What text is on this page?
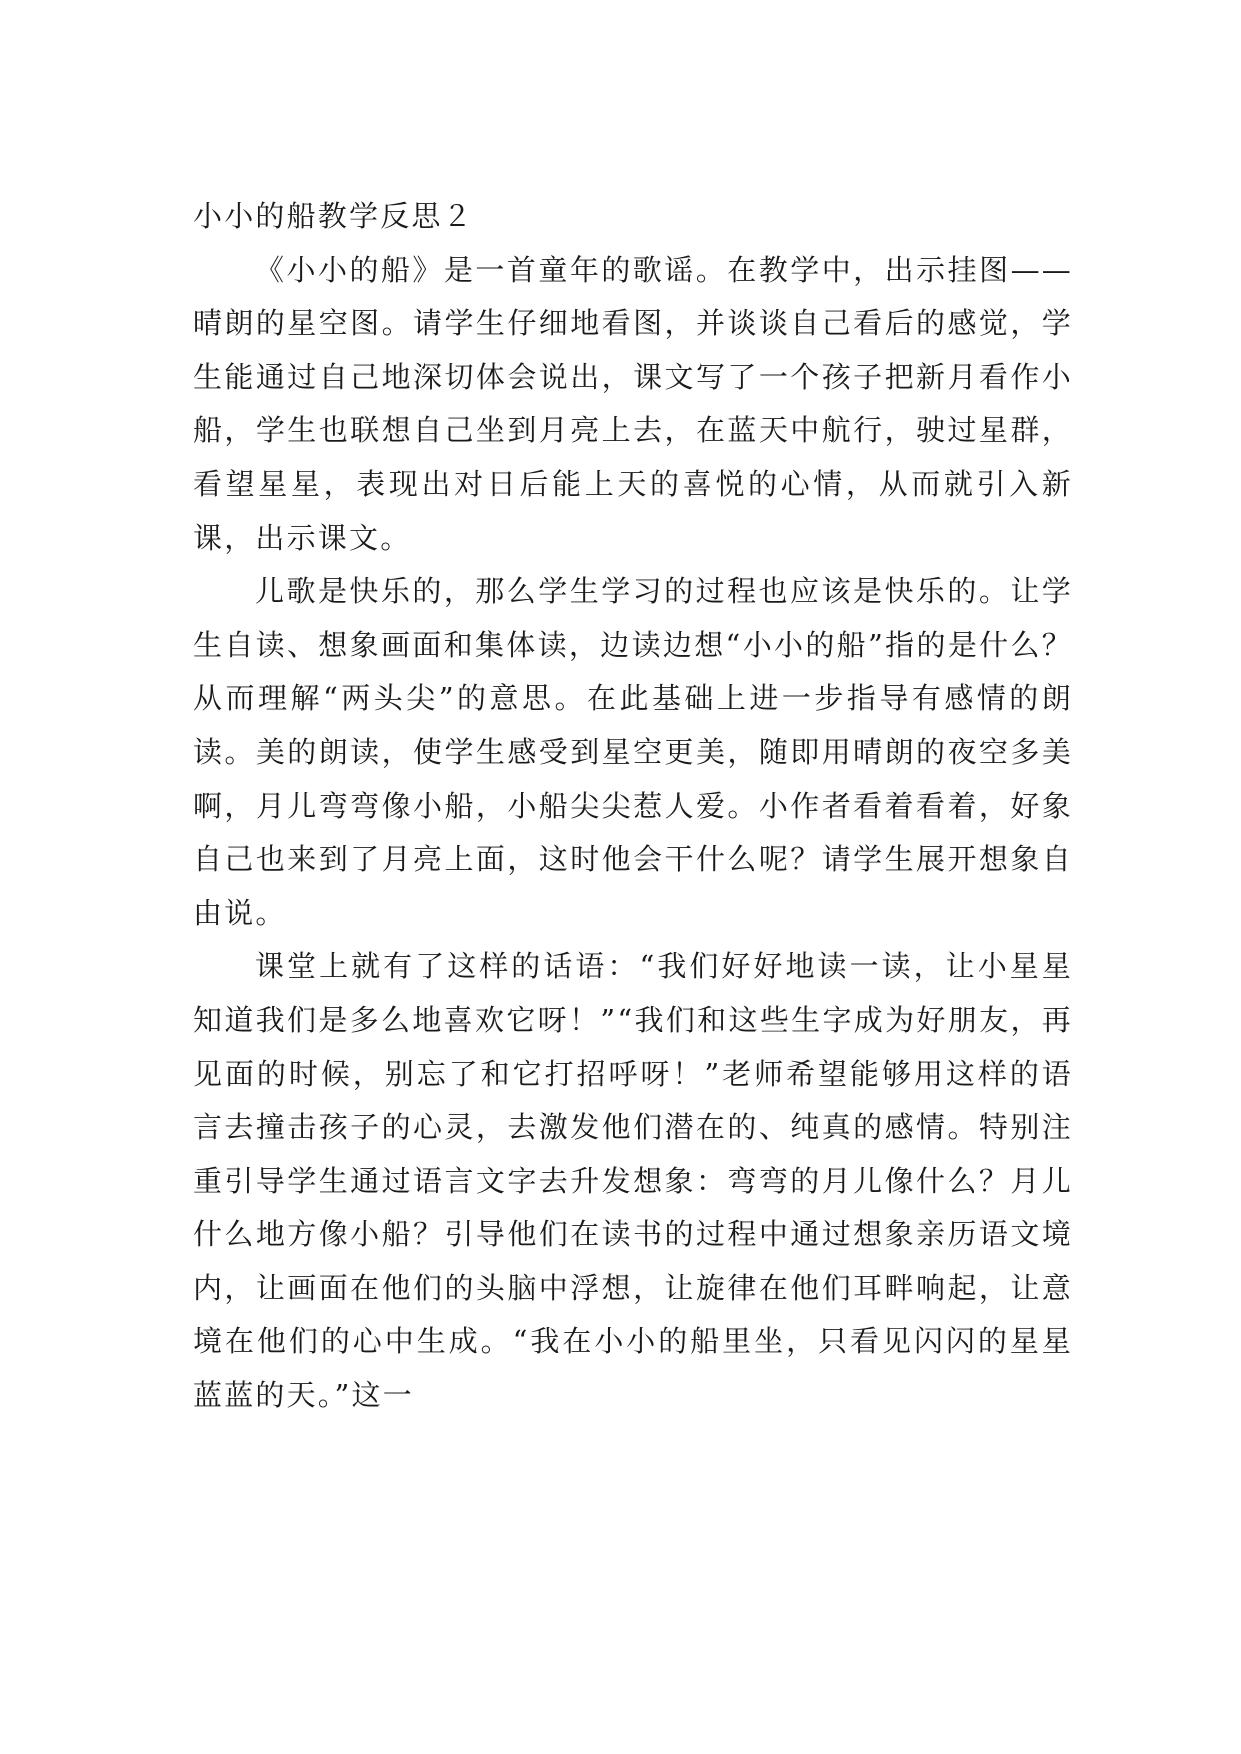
小小的船教学反思２

《小小的船》是一首童年的歌谣。在教学中，出示挂图——晴朗的星空图。请学生仔细地看图，并谈谈自己看后的感觉，学生能通过自己地深切体会说出，课文写了一个孩子把新月看作小船，学生也联想自己坐到月亮上去，在蓝天中航行，驶过星群，看望星星，表现出对日后能上天的喜悦的心情，从而就引入新课，出示课文。

儿歌是快乐的，那么学生学习的过程也应该是快乐的。让学生自读、想象画面和集体读，边读边想“小小的船”指的是什么？从而理解“两头尖”的意思。在此基础上进一步指导有感情的朗读。美的朗读，使学生感受到星空更美，随即用晴朗的夜空多美啊，月儿弯弯像小船，小船尖尖惹人爱。小作者看着看着，好象自己也来到了月亮上面，这时他会干什么呢？请学生展开想象自由说。

课堂上就有了这样的话语：“我们好好地读一读，让小星星知道我们是多么地喜欢它呀！”“我们和这些生字成为好朋友，再见面的时候，别忘了和它打招呼呀！”老师希望能够用这样的语言去撞击孩子的心灵，去激发他们潜在的、纯真的感情。特别注重引导学生通过语言文字去升发想象：弯弯的月儿像什么？月儿什么地方像小船？引导他们在读书的过程中通过想象亲历语文境内，让画面在他们的头脑中浮想，让旋律在他们耳畔响起，让意境在他们的心中生成。“我在小小的船里坐，只看见闪闪的星星蓝蓝的天。”这一
